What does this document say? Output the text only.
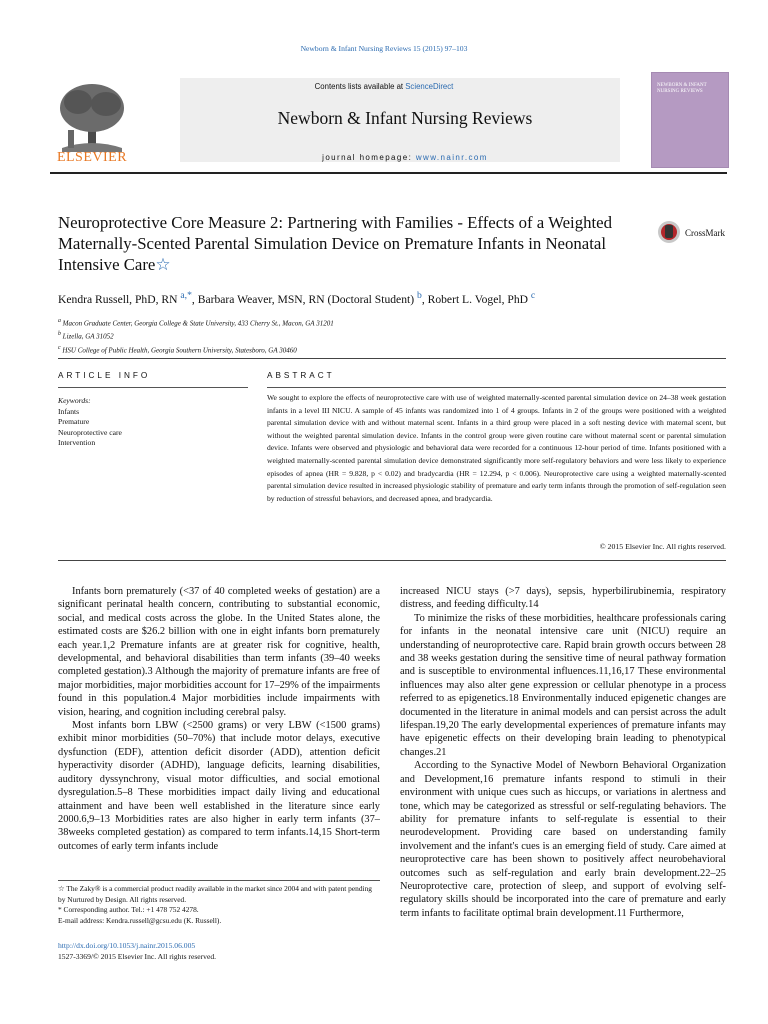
Newborn & Infant Nursing Reviews 15 (2015) 97–103
ELSEVIER
Contents lists available at ScienceDirect
Newborn & Infant Nursing Reviews
journal homepage: www.nainr.com
NEWBORN & INFANT NURSING REVIEWS
Neuroprotective Core Measure 2: Partnering with Families - Effects of a Weighted Maternally-Scented Parental Simulation Device on Premature Infants in Neonatal Intensive Care☆
CrossMark
Kendra Russell, PhD, RN $^{a,*}$, Barbara Weaver, MSN, RN (Doctoral Student) $^b$, Robert L. Vogel, PhD $^c$
$^a$ Macon Graduate Center, Georgia College & State University, 433 Cherry St., Macon, GA 31201
$^b$ Lizella, GA 31052
$^c$ HSU College of Public Health, Georgia Southern University, Statesboro, GA 30460
ARTICLE INFO	ABSTRACT
Keywords:
Infants
Premature
Neuroprotective care
Intervention
We sought to explore the effects of neuroprotective care with use of weighted maternally-scented parental simulation device on 24–38 week gestation infants in a level III NICU. A sample of 45 infants was randomized into 1 of 4 groups. Infants in 2 of the groups were positioned with a weighted parental simulation device with and without maternal scent. Infants in a third group were placed in a soft nesting device with maternal scent, but without the weighted parental simulation device. Infants in the control group were given routine care without maternal scent or parental simulation device. Infants were observed and physiologic and behavioral data were recorded for a continuous 12-hour period of time. Infants positioned with a weighted maternally-scented parental simulation device demonstrated significantly more self-regulatory behaviors and were less likely to experience episodes of apnea (HR = 9.828, p < 0.02) and bradycardia (HR = 12.294, p < 0.006). Neuroprotective care using a weighted maternally-scented parental simulation device resulted in increased physiologic stability of premature and early term infants through the promotion of self-regulation seen by reduction of stressful behaviors, and decreased apnea, and bradycardia.
© 2015 Elsevier Inc. All rights reserved.

Infants born prematurely (<37 of 40 completed weeks of gestation) are a significant perinatal health concern, contributing to substantial economic, social, and medical costs across the globe. In the United States alone, the estimated costs are $26.2 billion with one in eight infants born prematurely each year.1,2 Premature infants are at greater risk for cognitive, health, developmental, and behavioral disabilities than term infants (39–40 weeks completed gestation).3 Although the majority of premature infants are free of major morbidities, major morbidities account for 17–29% of the impairments found in this population.4 Major morbidities include impairments with vision, hearing, and cognition including cerebral palsy.

Most infants born LBW (<2500 grams) or very LBW (<1500 grams) exhibit minor morbidities (50–70%) that include motor delays, executive dysfunction (EDF), attention deficit disorder (ADD), attention deficit hyperactivity disorder (ADHD), language deficits, learning disabilities, auditory dyssynchrony, visual motor difficulties, and social emotional dysregulation.5–8 These morbidities impact daily living and educational attainment and have been well established in the literature since early 2000.6,9–13 Morbidities rates are also higher in early term infants (37–38weeks completed gestation) as compared to term infants.14,15 Short-term outcomes of early term infants include

increased NICU stays (>7 days), sepsis, hyperbilirubinemia, respiratory distress, and feeding difficulty.14

To minimize the risks of these morbidities, healthcare professionals caring for infants in the neonatal intensive care unit (NICU) require an understanding of neuroprotective care. Rapid brain growth occurs between 28 and 38 weeks gestation during the sensitive time of neural pathway formation and is susceptible to environmental influences.11,16,17 These environmental influences may also alter gene expression or cellular phenotype in a process referred to as epigenetics.18 Environmentally induced epigenetic changes are documented in the literature in animal models and can persist across the adult lifespan.19,20 The early developmental experiences of premature infants may have epigenetic effects on their developing brain leading to phenotypical changes.21

According to the Synactive Model of Newborn Behavioral Organization and Development,16 premature infants respond to stimuli in their environment with unique cues such as hiccups, or variations in alertness and tone, which may be categorized as stressful or self-regulating behaviors. The ability for premature infants to self-regulate is essential to their neurodevelopment. Providing care based on understanding family involvement and the infant's cues is an emerging field of study. Care aimed at neuroprotective care has been shown to positively affect neurobehavioral outcomes such as self-regulation and early brain development.22–25 Neuroprotective care, protection of sleep, and support of evolving self-regulatory skills should be incorporated into the care of premature and early term infants to facilitate optimal brain development.11 Furthermore,

☆ The Zaky® is a commercial product readily available in the market since 2004 and with patent pending by Nurtured by Design. All rights reserved.
* Corresponding author. Tel.: +1 478 752 4278.
E-mail address: Kendra.russell@gcsu.edu (K. Russell).
http://dx.doi.org/10.1053/j.nainr.2015.06.005
1527-3369/© 2015 Elsevier Inc. All rights reserved.
